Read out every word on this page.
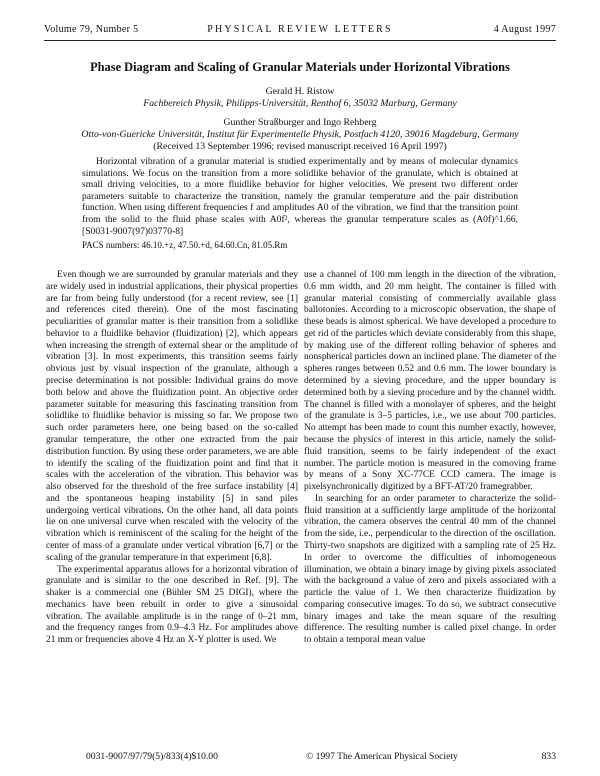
Volume 79, Number 5	PHYSICAL REVIEW LETTERS	4 August 1997
Phase Diagram and Scaling of Granular Materials under Horizontal Vibrations
Gerald H. Ristow
Fachbereich Physik, Philipps-Universität, Renthof 6, 35032 Marburg, Germany
Gunther Straßburger and Ingo Rehberg
Otto-von-Guericke Universität, Institut für Experimentelle Physik, Postfach 4120, 39016 Magdeburg, Germany
(Received 13 September 1996; revised manuscript received 16 April 1997)
Horizontal vibration of a granular material is studied experimentally and by means of molecular dynamics simulations. We focus on the transition from a more solidlike behavior of the granulate, which is obtained at small driving velocities, to a more fluidlike behavior for higher velocities. We present two different order parameters suitable to characterize the transition, namely the granular temperature and the pair distribution function. When using different frequencies f and amplitudes A0 of the vibration, we find that the transition point from the solid to the fluid phase scales with A0f², whereas the granular temperature scales as (A0f)^1.66. [S0031-9007(97)03770-8]
PACS numbers: 46.10.+z, 47.50.+d, 64.60.Cn, 81.05.Rm

Even though we are surrounded by granular materials and they are widely used in industrial applications, their physical properties are far from being fully understood (for a recent review, see [1] and references cited therein). One of the most fascinating peculiarities of granular matter is their transition from a solidlike behavior to a fluidlike behavior (fluidization) [2], which appears when increasing the strength of external shear or the amplitude of vibration [3]. In most experiments, this transition seems fairly obvious just by visual inspection of the granulate, although a precise determination is not possible: Individual grains do move both below and above the fluidization point. An objective order parameter suitable for measuring this fascinating transition from solidlike to fluidlike behavior is missing so far. We propose two such order parameters here, one being based on the so-called granular temperature, the other one extracted from the pair distribution function. By using these order parameters, we are able to identify the scaling of the fluidization point and find that it scales with the acceleration of the vibration. This behavior was also observed for the threshold of the free surface instability [4] and the spontaneous heaping instability [5] in sand piles undergoing vertical vibrations. On the other hand, all data points lie on one universal curve when rescaled with the velocity of the vibration which is reminiscent of the scaling for the height of the center of mass of a granulate under vertical vibration [6,7] or the scaling of the granular temperature in that experiment [6,8].

The experimental apparatus allows for a horizontal vibration of granulate and is similar to the one described in Ref. [9]. The shaker is a commercial one (Bühler SM 25 DIGI), where the mechanics have been rebuilt in order to give a sinusoidal vibration. The available amplitude is in the range of 0–21 mm, and the frequency ranges from 0.9–4.3 Hz. For amplitudes above 21 mm or frequencies above 4 Hz an X-Y plotter is used. We

use a channel of 100 mm length in the direction of the vibration, 0.6 mm width, and 20 mm height. The container is filled with granular material consisting of commercially available glass ballotonies. According to a microscopic observation, the shape of these beads is almost spherical. We have developed a procedure to get rid of the particles which deviate considerably from this shape, by making use of the different rolling behavior of spheres and nonspherical particles down an inclined plane. The diameter of the spheres ranges between 0.52 and 0.6 mm. The lower boundary is determined by a sieving procedure, and the upper boundary is determined both by a sieving procedure and by the channel width. The channel is filled with a monolayer of spheres, and the height of the granulate is 3–5 particles, i.e., we use about 700 particles. No attempt has been made to count this number exactly, however, because the physics of interest in this article, namely the solid-fluid transition, seems to be fairly independent of the exact number. The particle motion is measured in the comoving frame by means of a Sony XC-77CE CCD camera. The image is pixelsynchronically digitized by a BFT-AT/20 framegrabber.

In searching for an order parameter to characterize the solid-fluid transition at a sufficiently large amplitude of the horizontal vibration, the camera observes the central 40 mm of the channel from the side, i.e., perpendicular to the direction of the oscillation. Thirty-two snapshots are digitized with a sampling rate of 25 Hz. In order to overcome the difficulties of inhomogeneous illumination, we obtain a binary image by giving pixels associated with the background a value of zero and pixels associated with a particle the value of 1. We then characterize fluidization by comparing consecutive images. To do so, we subtract consecutive binary images and take the mean square of the resulting difference. The resulting number is called pixel change. In order to obtain a temporal mean value

0031-9007/97/79(5)/833(4)$10.00	© 1997 The American Physical Society	833
